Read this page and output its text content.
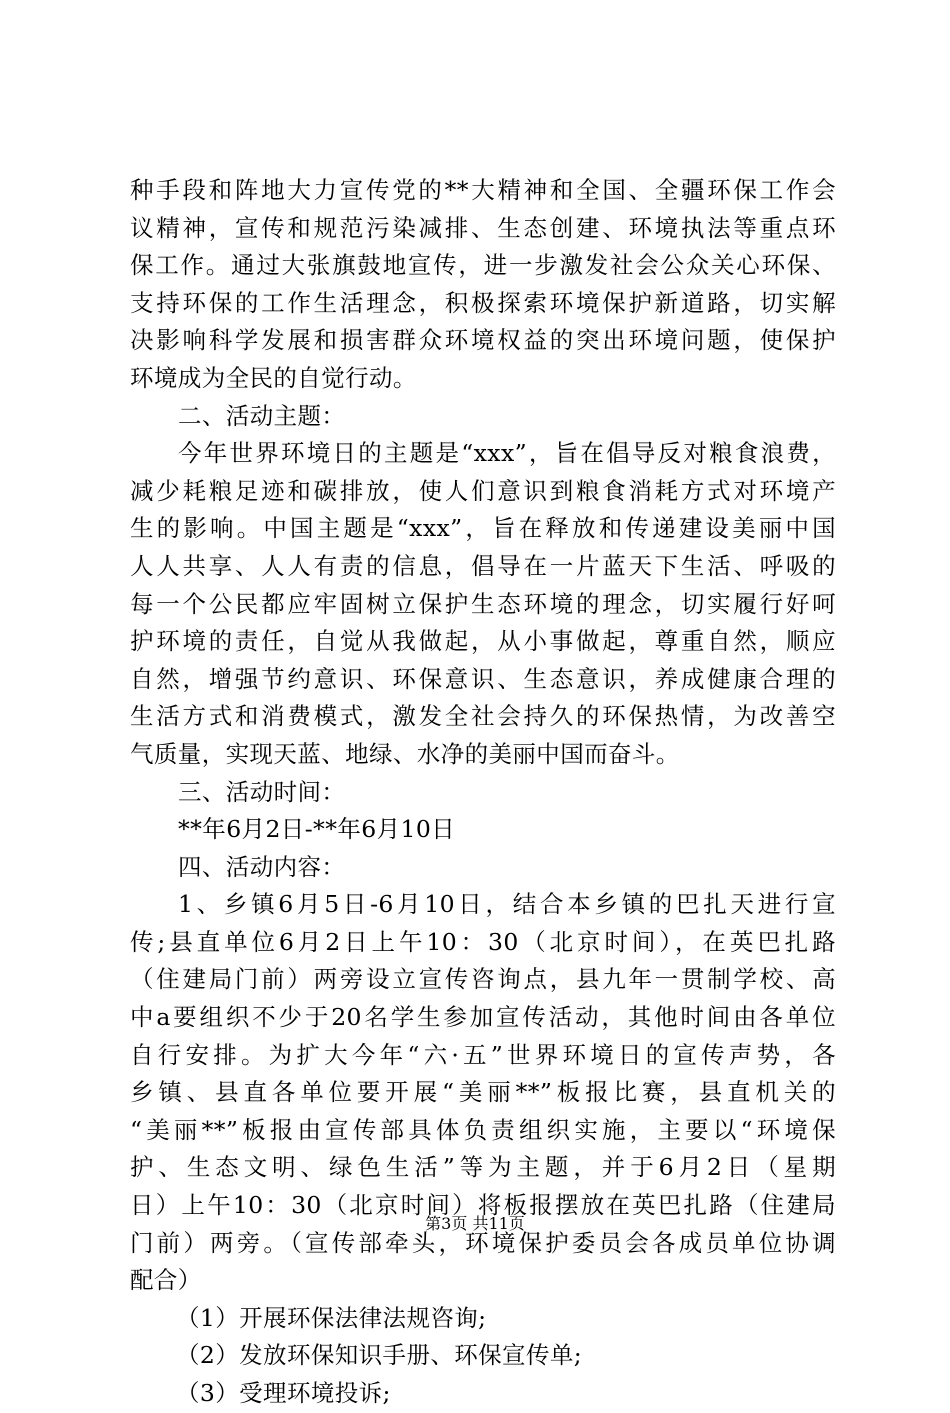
种手段和阵地大力宣传党的**大精神和全国、全疆环保工作会
议精神，宣传和规范污染减排、生态创建、环境执法等重点环
保工作。通过大张旗鼓地宣传，进一步激发社会公众关心环保、
支持环保的工作生活理念，积极探索环境保护新道路，切实解
决影响科学发展和损害群众环境权益的突出环境问题，使保护
环境成为全民的自觉行动。
二、活动主题：
今年世界环境日的主题是“xxx”，旨在倡导反对粮食浪费，
减少耗粮足迹和碳排放，使人们意识到粮食消耗方式对环境产
生的影响。中国主题是“xxx”，旨在释放和传递建设美丽中国
人人共享、人人有责的信息，倡导在一片蓝天下生活、呼吸的
每一个公民都应牢固树立保护生态环境的理念，切实履行好呵
护环境的责任，自觉从我做起，从小事做起，尊重自然，顺应
自然，增强节约意识、环保意识、生态意识，养成健康合理的
生活方式和消费模式，激发全社会持久的环保热情，为改善空
气质量，实现天蓝、地绿、水净的美丽中国而奋斗。
三、活动时间：
**年6月2日-**年6月10日
四、活动内容：
1、乡镇6月5日-6月10日，结合本乡镇的巴扎天进行宣
传;县直单位6月2日上午10：30（北京时间），在英巴扎路
（住建局门前）两旁设立宣传咨询点，县九年一贯制学校、高
中a要组织不少于20名学生参加宣传活动，其他时间由各单位
自行安排。为扩大今年“六·五”世界环境日的宣传声势，各
乡镇、县直各单位要开展“美丽**”板报比赛，县直机关的
“美丽**”板报由宣传部具体负责组织实施，主要以“环境保
护、生态文明、绿色生活”等为主题，并于6月2日（星期
日）上午10：30（北京时间）将板报摆放在英巴扎路（住建局
门前）两旁。（宣传部牵头，环境保护委员会各成员单位协调
配合）
（1）开展环保法律法规咨询;
（2）发放环保知识手册、环保宣传单;
（3）受理环境投诉;
第3页 共11页
